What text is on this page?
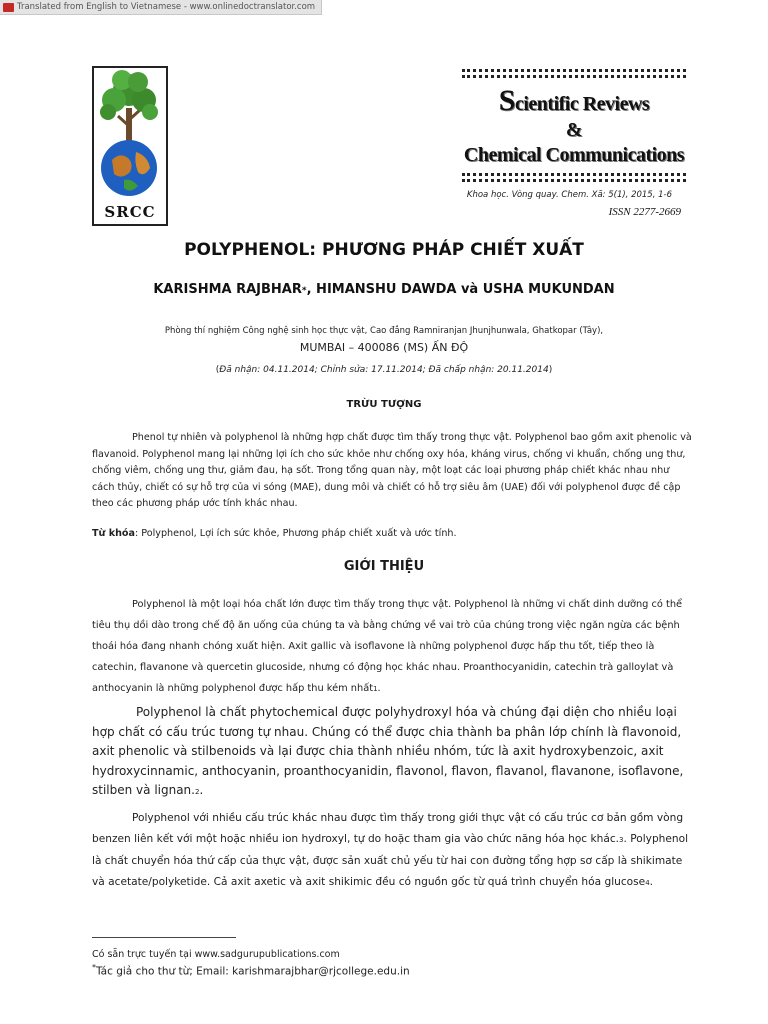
Translated from English to Vietnamese - www.onlinedoctranslator.com
SRCC
Scientific Reviews
&
Chemical Communications
Khoa học. Vòng quay. Chem. Xã: 5(1), 2015, 1-6
ISSN 2277-2669
POLYPHENOL: PHƯƠNG PHÁP CHIẾT XUẤT
KARISHMA RAJBHAR*, HIMANSHU DAWDA và USHA MUKUNDAN
Phòng thí nghiệm Công nghệ sinh học thực vật, Cao đẳng Ramniranjan Jhunjhunwala, Ghatkopar (Tây),
MUMBAI – 400086 (MS) ẤN ĐỘ
(Đã nhận: 04.11.2014; Chỉnh sửa: 17.11.2014; Đã chấp nhận: 20.11.2014)
TRỪU TƯỢNG

Phenol tự nhiên và polyphenol là những hợp chất được tìm thấy trong thực vật. Polyphenol bao gồm axit phenolic và flavanoid. Polyphenol mang lại những lợi ích cho sức khỏe như chống oxy hóa, kháng virus, chống vi khuẩn, chống ung thư, chống viêm, chống ung thư, giảm đau, hạ sốt. Trong tổng quan này, một loạt các loại phương pháp chiết khác nhau như cách thủy, chiết có sự hỗ trợ của vi sóng (MAE), dung môi và chiết có hỗ trợ siêu âm (UAE) đối với polyphenol được đề cập theo các phương pháp ước tính khác nhau.

Từ khóa: Polyphenol, Lợi ích sức khỏe, Phương pháp chiết xuất và ước tính.

GIỚI THIỆU

Polyphenol là một loại hóa chất lớn được tìm thấy trong thực vật. Polyphenol là những vi chất dinh dưỡng có thể tiêu thụ dồi dào trong chế độ ăn uống của chúng ta và bằng chứng về vai trò của chúng trong việc ngăn ngừa các bệnh thoái hóa đang nhanh chóng xuất hiện. Axit gallic và isoflavone là những polyphenol được hấp thu tốt, tiếp theo là catechin, flavanone và quercetin glucoside, nhưng có động học khác nhau. Proanthocyanidin, catechin trà galloylat và anthocyanin là những polyphenol được hấp thu kém nhất1.

Polyphenol là chất phytochemical được polyhydroxyl hóa và chúng đại diện cho nhiều loại hợp chất có cấu trúc tương tự nhau. Chúng có thể được chia thành ba phân lớp chính là flavonoid, axit phenolic và stilbenoids và lại được chia thành nhiều nhóm, tức là axit hydroxybenzoic, axit hydroxycinnamic, anthocyanin, proanthocyanidin, flavonol, flavon, flavanol, flavanone, isoflavone, stilben và lignan.2.

Polyphenol với nhiều cấu trúc khác nhau được tìm thấy trong giới thực vật có cấu trúc cơ bản gồm vòng benzen liên kết với một hoặc nhiều ion hydroxyl, tự do hoặc tham gia vào chức năng hóa học khác.3. Polyphenol là chất chuyển hóa thứ cấp của thực vật, được sản xuất chủ yếu từ hai con đường tổng hợp sơ cấp là shikimate và acetate/polyketide. Cả axit axetic và axit shikimic đều có nguồn gốc từ quá trình chuyển hóa glucose4.

Có sẵn trực tuyến tại www.sadgurupublications.com
*Tác giả cho thư từ; Email: karishmarajbhar@rjcollege.edu.in
